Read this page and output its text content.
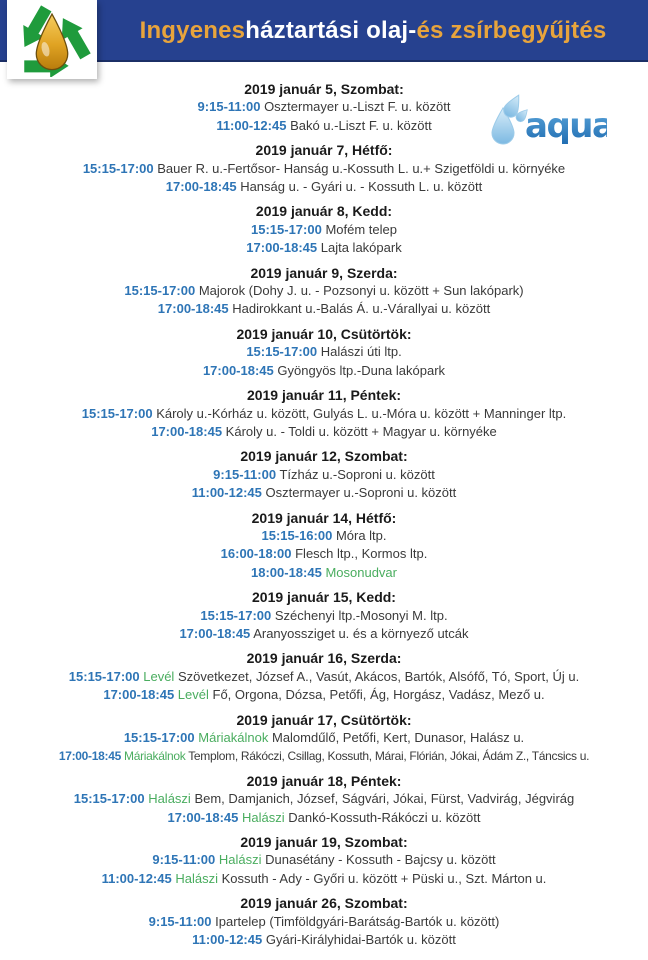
Ingyenes háztartási olaj- és zsírbegyűjtés
aqua
2019 január 5, Szombat:
9:15-11:00 Osztermayer u.-Liszt F. u. között
11:00-12:45 Bakó u.-Liszt F. u. között
2019 január 7, Hétfő:
15:15-17:00 Bauer R. u.-Fertősor- Hanság u.-Kossuth L. u.+ Szigetföldi u. környéke
17:00-18:45 Hanság u. - Gyári u. - Kossuth L. u. között
2019 január 8, Kedd:
15:15-17:00 Mofém telep
17:00-18:45 Lajta lakópark
2019 január 9, Szerda:
15:15-17:00 Majorok (Dohy J. u. - Pozsonyi u. között + Sun lakópark)
17:00-18:45 Hadirokkant u.-Balás Á. u.-Várallyai u. között
2019 január 10, Csütörtök:
15:15-17:00 Halászi úti ltp.
17:00-18:45 Gyöngyös ltp.-Duna lakópark
2019 január 11, Péntek:
15:15-17:00 Károly u.-Kórház u. között, Gulyás L. u.-Móra u. között + Manninger ltp.
17:00-18:45 Károly u. - Toldi u. között + Magyar u. környéke
2019 január 12, Szombat:
9:15-11:00 Tízház u.-Soproni u. között
11:00-12:45 Osztermayer u.-Soproni u. között
2019 január 14, Hétfő:
15:15-16:00 Móra ltp.
16:00-18:00 Flesch ltp., Kormos ltp.
18:00-18:45 Mosonudvar
2019 január 15, Kedd:
15:15-17:00 Széchenyi ltp.-Mosonyi M. ltp.
17:00-18:45 Aranyossziget u. és a környező utcák
2019 január 16, Szerda:
15:15-17:00 Levél Szövetkezet, József A., Vasút, Akácos, Bartók, Alsófő, Tó, Sport, Új u.
17:00-18:45 Levél Fő, Orgona, Dózsa, Petőfi, Ág, Horgász, Vadász, Mező u.
2019 január 17, Csütörtök:
15:15-17:00 Máriakálnok Malomdűlő, Petőfi, Kert, Dunasor, Halász u.
17:00-18:45 Máriakálnok Templom, Rákóczi, Csillag, Kossuth, Márai, Flórián, Jókai, Ádám Z., Táncsics u.
2019 január 18, Péntek:
15:15-17:00 Halászi Bem, Damjanich, József, Ságvári, Jókai, Fürst, Vadvirág, Jégvirág
17:00-18:45 Halászi Dankó-Kossuth-Rákóczi u. között
2019 január 19, Szombat:
9:15-11:00 Halászi Dunasétány - Kossuth - Bajcsy u. között
11:00-12:45 Halászi Kossuth - Ady - Győri u. között + Püski u., Szt. Márton u.
2019 január 26, Szombat:
9:15-11:00 Ipartelep (Timföldgyári-Barátság-Bartók u. között)
11:00-12:45 Gyári-Királyhidai-Bartók u. között
